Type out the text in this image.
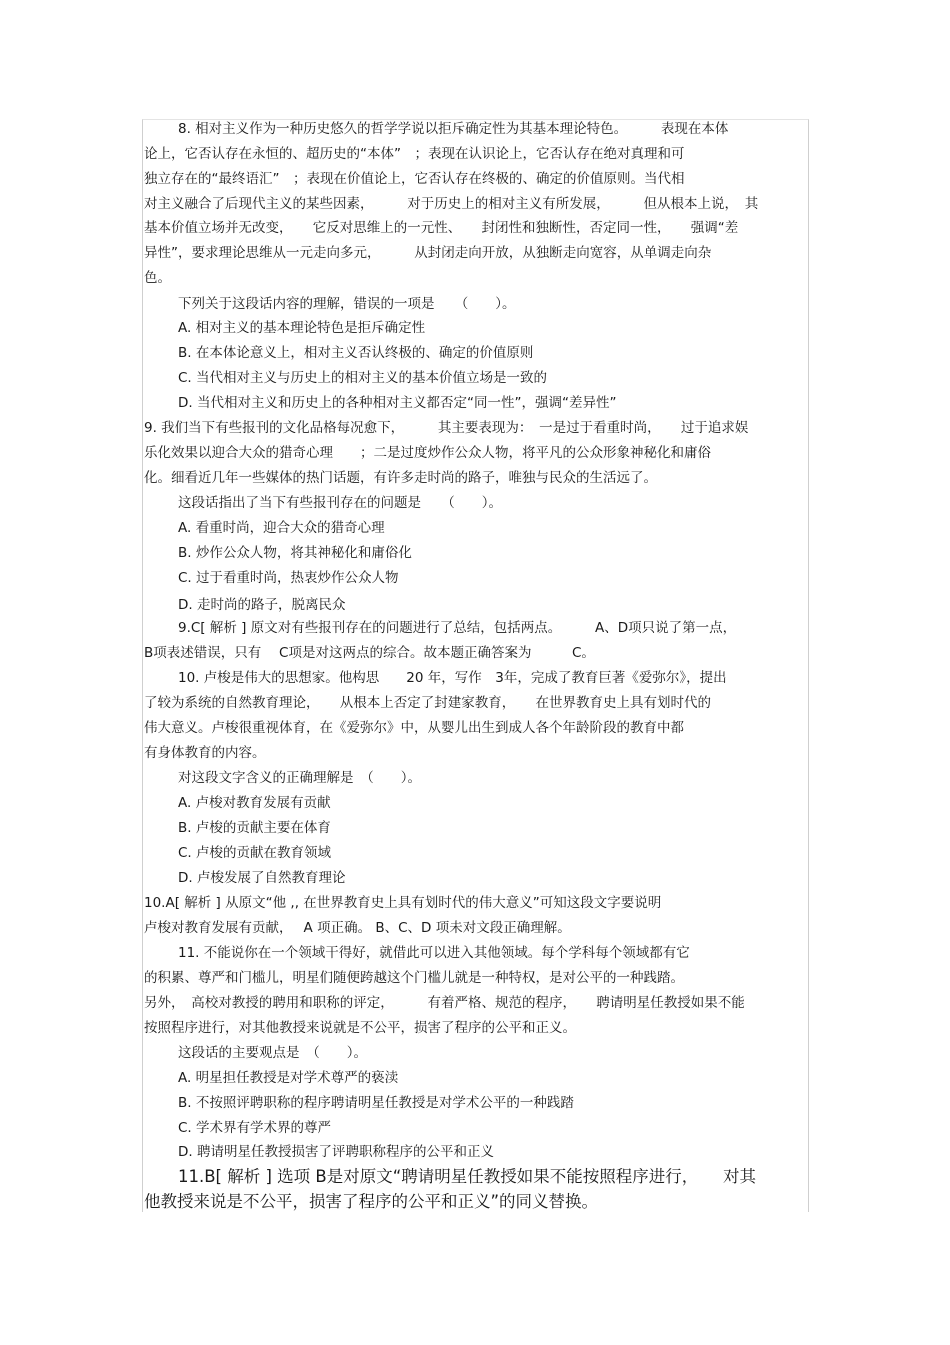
8. 相对主义作为一种历史悠久的哲学学说以拒斥确定性为其基本理论特色。　　　表现在本体
论上，它否认存在永恒的、超历史的“本体”　；表现在认识论上，它否认存在绝对真理和可
独立存在的“最终语汇”　；表现在价值论上，它否认存在终极的、确定的价值原则。当代相
对主义融合了后现代主义的某些因素，　　　对于历史上的相对主义有所发展，　　　但从根本上说，　其
基本价值立场并无改变，　　它反对思维上的一元性、　　封闭性和独断性，否定同一性，　　强调“差
异性”，要求理论思维从一元走向多元，　　　从封闭走向开放，从独断走向宽容，从单调走向杂
色。
下列关于这段话内容的理解，错误的一项是　　（　　）。
A. 相对主义的基本理论特色是拒斥确定性
B. 在本体论意义上，相对主义否认终极的、确定的价值原则
C. 当代相对主义与历史上的相对主义的基本价值立场是一致的
D. 当代相对主义和历史上的各种相对主义都否定“同一性”，强调“差异性”
9. 我们当下有些报刊的文化品格每况愈下，　　　其主要表现为：　一是过于看重时尚，　　过于追求娱
乐化效果以迎合大众的猎奇心理　　；二是过度炒作公众人物，将平凡的公众形象神秘化和庸俗
化。细看近几年一些媒体的热门话题，有许多走时尚的路子，唯独与民众的生活远了。
这段话指出了当下有些报刊存在的问题是　　（　　）。
A. 看重时尚，迎合大众的猎奇心理
B. 炒作公众人物，将其神秘化和庸俗化
C. 过于看重时尚，热衷炒作公众人物
D. 走时尚的路子，脱离民众
9.C[ 解析 ] 原文对有些报刊存在的问题进行了总结，包括两点。　　　A、D项只说了第一点，
B项表述错误，只有　 C项是对这两点的综合。故本题正确答案为　　　C。
10. 卢梭是伟大的思想家。他构思　　20 年，写作　3年，完成了教育巨著《爱弥尔》，提出
了较为系统的自然教育理论，　　从根本上否定了封建家教育，　　在世界教育史上具有划时代的
伟大意义。卢梭很重视体育，在《爱弥尔》中，从婴儿出生到成人各个年龄阶段的教育中都
有身体教育的内容。
对这段文字含义的正确理解是　（　　）。
A. 卢梭对教育发展有贡献
B. 卢梭的贡献主要在体育
C. 卢梭的贡献在教育领域
D. 卢梭发展了自然教育理论
10.A[ 解析 ] 从原文“他 ,, 在世界教育史上具有划时代的伟大意义”可知这段文字要说明
卢梭对教育发展有贡献，　 A 项正确。 B、C、D 项未对文段正确理解。
11. 不能说你在一个领域干得好，就借此可以进入其他领域。每个学科每个领域都有它
的积累、尊严和门槛儿，明星们随便跨越这个门槛儿就是一种特权，是对公平的一种践踏。
另外，　高校对教授的聘用和职称的评定，　　　有着严格、规范的程序，　　聘请明星任教授如果不能
按照程序进行，对其他教授来说就是不公平，损害了程序的公平和正义。
这段话的主要观点是　（　　）。
A. 明星担任教授是对学术尊严的亵渎
B. 不按照评聘职称的程序聘请明星任教授是对学术公平的一种践踏
C. 学术界有学术界的尊严
D. 聘请明星任教授损害了评聘职称程序的公平和正义
11.B[ 解析 ] 选项 B是对原文“聘请明星任教授如果不能按照程序进行，　　对其
他教授来说是不公平，损害了程序的公平和正义”的同义替换。
